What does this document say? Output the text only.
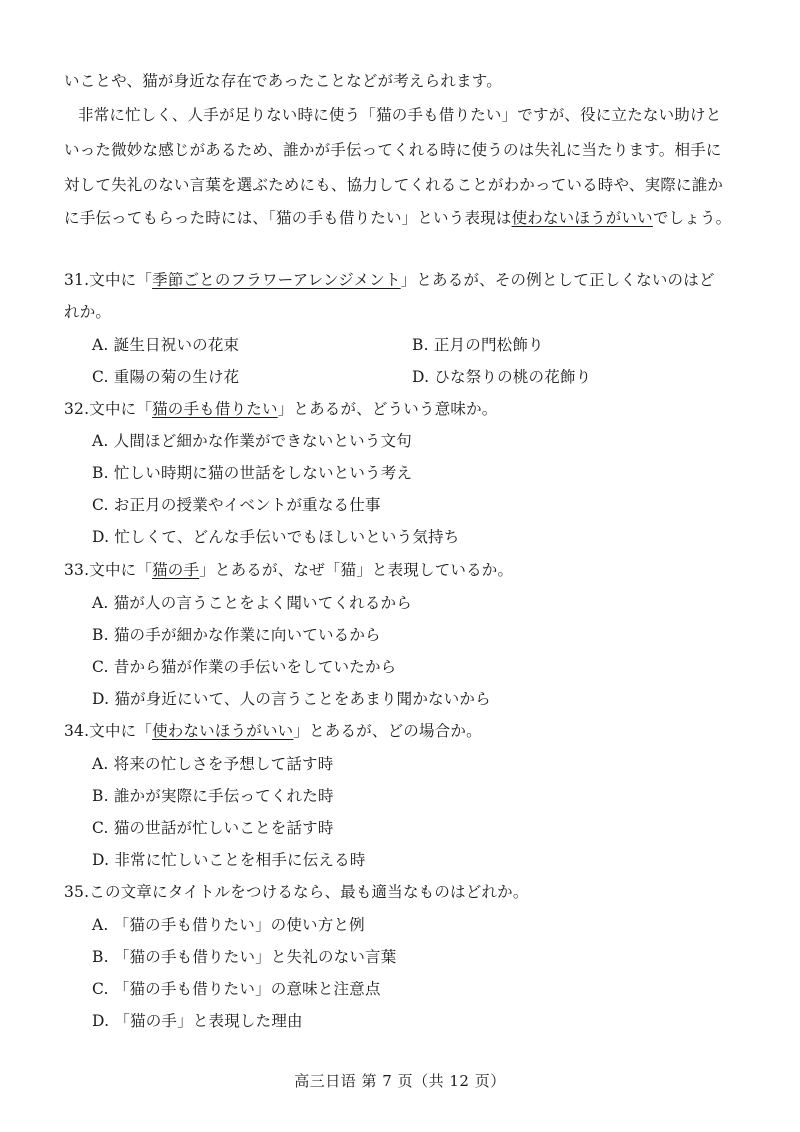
いことや、猫が身近な存在であったことなどが考えられます。
非常に忙しく、人手が足りない時に使う「猫の手も借りたい」ですが、役に立たない助けと
いった微妙な感じがあるため、誰かが手伝ってくれる時に使うのは失礼に当たります。相手に
対して失礼のない言葉を選ぶためにも、協力してくれることがわかっている時や、実際に誰か
に手伝ってもらった時には、「猫の手も借りたい」という表現は使わないほうがいいでしょう。
31.文中に「季節ごとのフラワーアレンジメント」とあるが、その例として正しくないのはど
れか。
A. 誕生日祝いの花束	B. 正月の門松飾り
C. 重陽の菊の生け花	D. ひな祭りの桃の花飾り
32.文中に「猫の手も借りたい」とあるが、どういう意味か。
A. 人間ほど細かな作業ができないという文句
B. 忙しい時期に猫の世話をしないという考え
C. お正月の授業やイベントが重なる仕事
D. 忙しくて、どんな手伝いでもほしいという気持ち
33.文中に「猫の手」とあるが、なぜ「猫」と表現しているか。
A. 猫が人の言うことをよく聞いてくれるから
B. 猫の手が細かな作業に向いているから
C. 昔から猫が作業の手伝いをしていたから
D. 猫が身近にいて、人の言うことをあまり聞かないから
34.文中に「使わないほうがいい」とあるが、どの場合か。
A. 将来の忙しさを予想して話す時
B. 誰かが実際に手伝ってくれた時
C. 猫の世話が忙しいことを話す時
D. 非常に忙しいことを相手に伝える時
35.この文章にタイトルをつけるなら、最も適当なものはどれか。
A. 「猫の手も借りたい」の使い方と例
B. 「猫の手も借りたい」と失礼のない言葉
C. 「猫の手も借りたい」の意味と注意点
D. 「猫の手」と表現した理由
高三日语 第 7 页（共 12 页）
